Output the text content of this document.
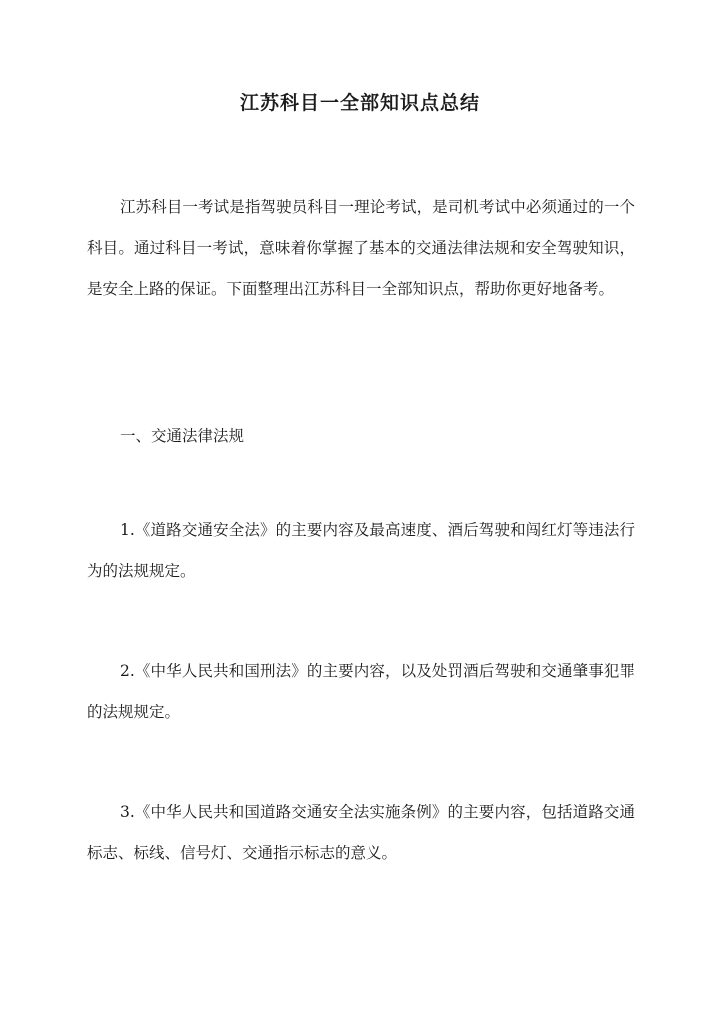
江苏科目一全部知识点总结

江苏科目一考试是指驾驶员科目一理论考试，是司机考试中必须通过的一个科目。通过科目一考试，意味着你掌握了基本的交通法律法规和安全驾驶知识，是安全上路的保证。下面整理出江苏科目一全部知识点，帮助你更好地备考。

一、交通法律法规

1.《道路交通安全法》的主要内容及最高速度、酒后驾驶和闯红灯等违法行为的法规规定。

2.《中华人民共和国刑法》的主要内容，以及处罚酒后驾驶和交通肇事犯罪的法规规定。

3.《中华人民共和国道路交通安全法实施条例》的主要内容，包括道路交通标志、标线、信号灯、交通指示标志的意义。
